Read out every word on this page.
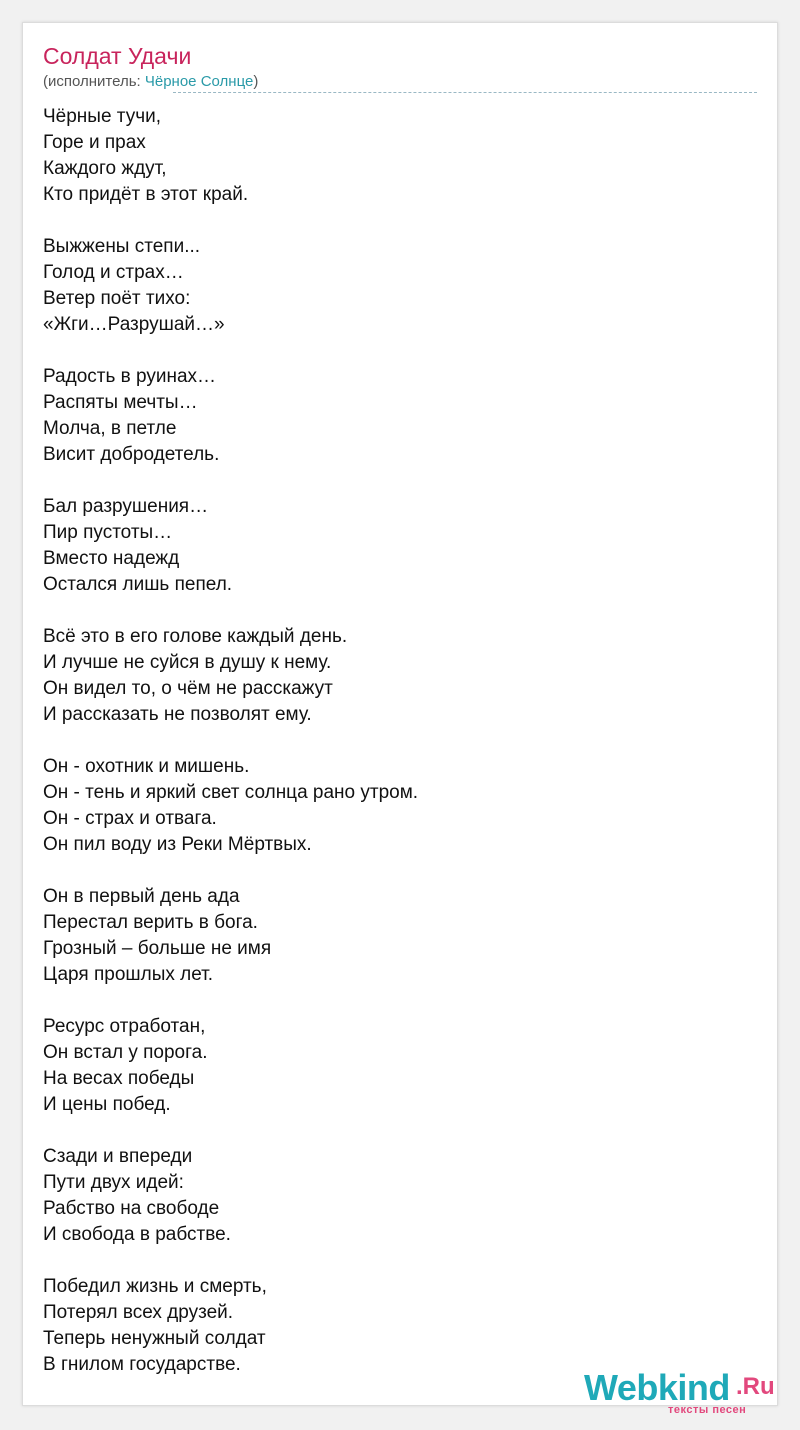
Солдат Удачи
(исполнитель: Чёрное Солнце)
Чёрные тучи,
Горе и прах
Каждого ждут,
Кто придёт в этот край.
Выжжены степи...
Голод и страх…
Ветер поёт тихо:
«Жги…Разрушай…»
Радость в руинах…
Распяты мечты…
Молча, в петле
Висит добродетель.
Бал разрушения…
Пир пустоты…
Вместо надежд
Остался лишь пепел.
Всё это в его голове каждый день.
И лучше не суйся в душу к нему.
Он видел то, о чём не расскажут
И рассказать не позволят ему.
Он - охотник и мишень.
Он - тень и яркий свет солнца рано утром.
Он - страх и отвага.
Он пил воду из Реки Мёртвых.
Он в первый день ада
Перестал верить в бога.
Грозный – больше не имя
Царя прошлых лет.
Ресурс отработан,
Он встал у порога.
На весах победы
И цены побед.
Сзади и впереди
Пути двух идей:
Рабство на свободе
И свобода в рабстве.
Победил жизнь и смерть,
Потерял всех друзей.
Теперь ненужный солдат
В гнилом государстве.
Webkind .Ru
тексты песен
